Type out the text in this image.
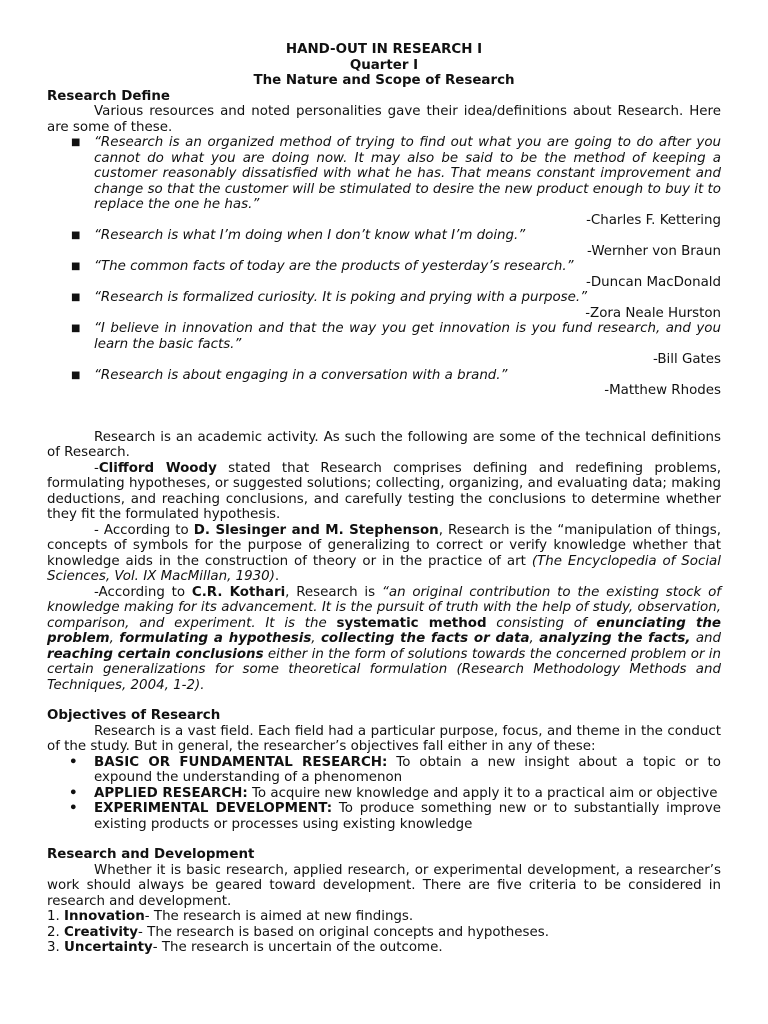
HAND-OUT IN RESEARCH I
Quarter I
The Nature and Scope of Research
Research Define

Various resources and noted personalities gave their idea/definitions about Research. Here are some of these.

■ “Research is an organized method of trying to find out what you are going to do after you cannot do what you are doing now. It may also be said to be the method of keeping a customer reasonably dissatisfied with what he has. That means constant improvement and change so that the customer will be stimulated to desire the new product enough to buy it to replace the one he has.”
-Charles F. Kettering
■ “Research is what I’m doing when I don’t know what I’m doing.”
-Wernher von Braun
■ “The common facts of today are the products of yesterday’s research.”
-Duncan MacDonald
■ “Research is formalized curiosity. It is poking and prying with a purpose.”
-Zora Neale Hurston
■ “I believe in innovation and that the way you get innovation is you fund research, and you learn the basic facts.”
-Bill Gates
■ “Research is about engaging in a conversation with a brand.”
-Matthew Rhodes

Research is an academic activity. As such the following are some of the technical definitions of Research.

-Clifford Woody stated that Research comprises defining and redefining problems, formulating hypotheses, or suggested solutions; collecting, organizing, and evaluating data; making deductions, and reaching conclusions, and carefully testing the conclusions to determine whether they fit the formulated hypothesis.

- According to D. Slesinger and M. Stephenson, Research is the “manipulation of things, concepts of symbols for the purpose of generalizing to correct or verify knowledge whether that knowledge aids in the construction of theory or in the practice of art (The Encyclopedia of Social Sciences, Vol. IX MacMillan, 1930).

-According to C.R. Kothari, Research is “an original contribution to the existing stock of knowledge making for its advancement. It is the pursuit of truth with the help of study, observation, comparison, and experiment. It is the systematic method consisting of enunciating the problem, formulating a hypothesis, collecting the facts or data, analyzing the facts, and reaching certain conclusions either in the form of solutions towards the concerned problem or in certain generalizations for some theoretical formulation (Research Methodology Methods and Techniques, 2004, 1-2).

Objectives of Research

Research is a vast field. Each field had a particular purpose, focus, and theme in the conduct of the study. But in general, the researcher’s objectives fall either in any of these:

• BASIC OR FUNDAMENTAL RESEARCH: To obtain a new insight about a topic or to expound the understanding of a phenomenon
• APPLIED RESEARCH: To acquire new knowledge and apply it to a practical aim or objective
• EXPERIMENTAL DEVELOPMENT: To produce something new or to substantially improve existing products or processes using existing knowledge
Research and Development

Whether it is basic research, applied research, or experimental development, a researcher’s work should always be geared toward development. There are five criteria to be considered in research and development.

1. Innovation- The research is aimed at new findings.
2. Creativity- The research is based on original concepts and hypotheses.
3. Uncertainty- The research is uncertain of the outcome.
